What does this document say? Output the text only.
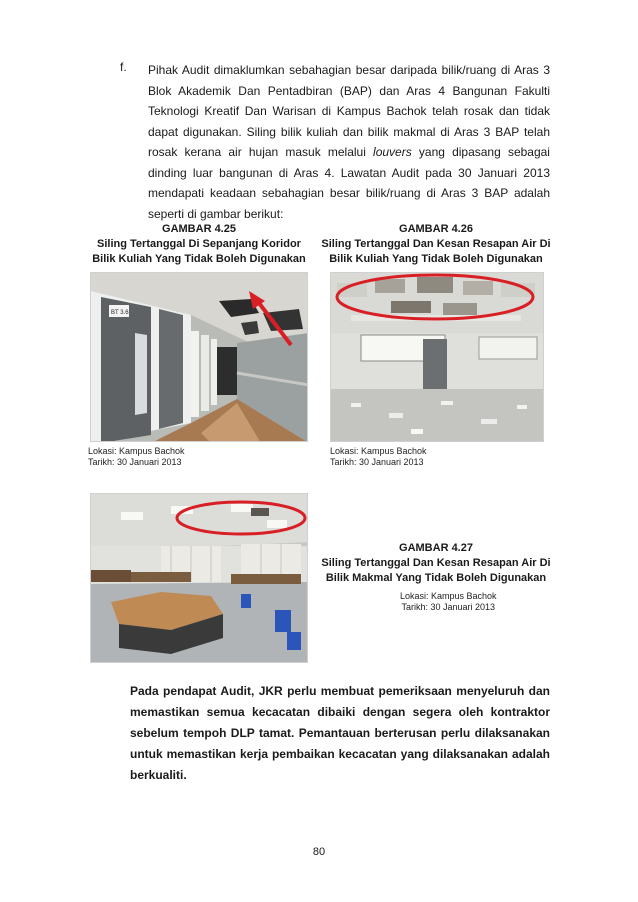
f. Pihak Audit dimaklumkan sebahagian besar daripada bilik/ruang di Aras 3 Blok Akademik Dan Pentadbiran (BAP) dan Aras 4 Bangunan Fakulti Teknologi Kreatif Dan Warisan di Kampus Bachok telah rosak dan tidak dapat digunakan. Siling bilik kuliah dan bilik makmal di Aras 3 BAP telah rosak kerana air hujan masuk melalui louvers yang dipasang sebagai dinding luar bangunan di Aras 4. Lawatan Audit pada 30 Januari 2013 mendapati keadaan sebahagian besar bilik/ruang di Aras 3 BAP adalah seperti di gambar berikut:

GAMBAR 4.25
Siling Tertanggal Di Sepanjang Koridor
Bilik Kuliah Yang Tidak Boleh Digunakan
GAMBAR 4.26
Siling Tertanggal Dan Kesan Resapan Air Di
Bilik Kuliah Yang Tidak Boleh Digunakan
BT 3.6
Lokasi: Kampus Bachok
Tarikh: 30 Januari 2013
Lokasi: Kampus Bachok
Tarikh: 30 Januari 2013
GAMBAR 4.27
Siling Tertanggal Dan Kesan Resapan Air Di
Bilik Makmal Yang Tidak Boleh Digunakan
Lokasi: Kampus Bachok
Tarikh: 30 Januari 2013

Pada pendapat Audit, JKR perlu membuat pemeriksaan menyeluruh dan memastikan semua kecacatan dibaiki dengan segera oleh kontraktor sebelum tempoh DLP tamat. Pemantauan berterusan perlu dilaksanakan untuk memastikan kerja pembaikan kecacatan yang dilaksanakan adalah berkualiti.

80
